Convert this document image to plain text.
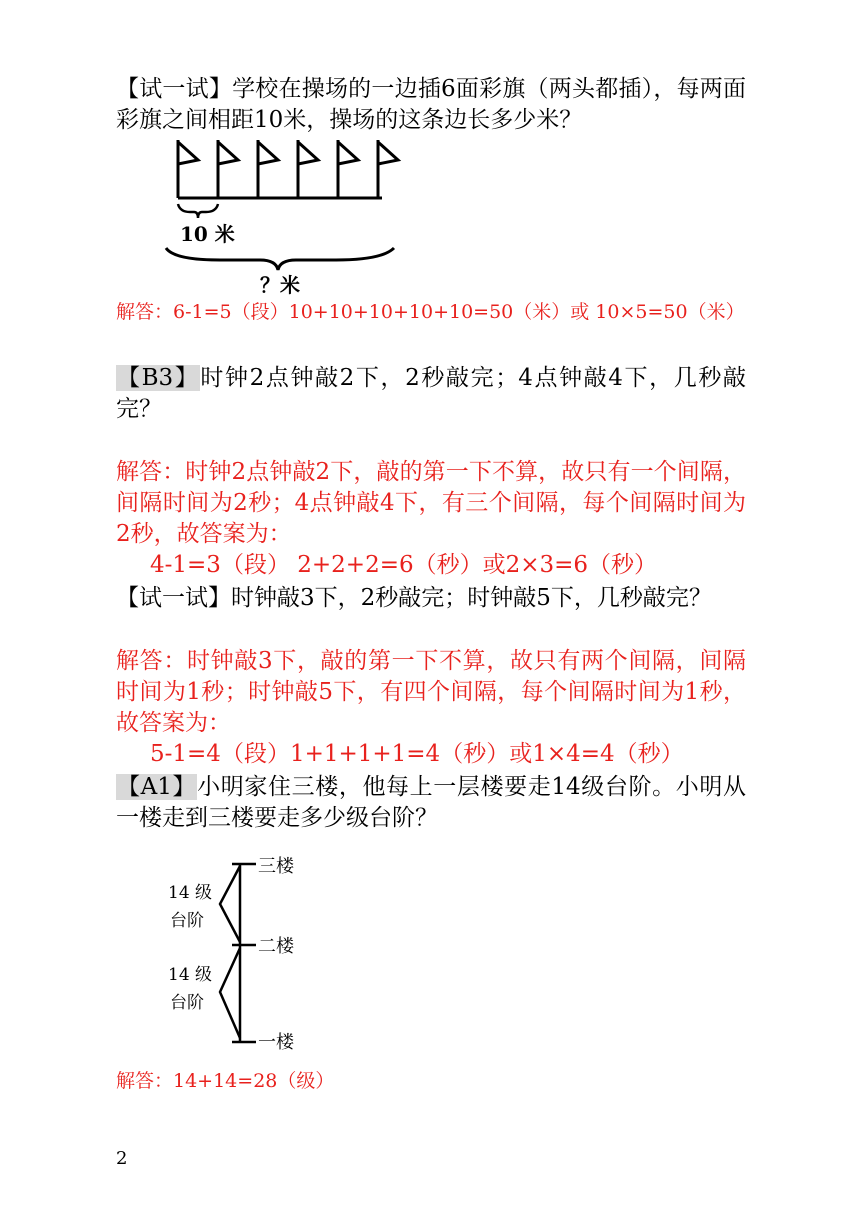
【试一试】学校在操场的一边插6面彩旗（两头都插），每两面彩旗之间相距10米，操场的这条边长多少米？

10 米
？米

解答：6-1=5（段）10+10+10+10+10=50（米）或 10×5=50（米）

【B3】时钟2点钟敲2下，2秒敲完；4点钟敲4下，几秒敲完？

解答：时钟2点钟敲2下，敲的第一下不算，故只有一个间隔，间隔时间为2秒；4点钟敲4下，有三个间隔，每个间隔时间为2秒，故答案为：

4-1=3（段） 2+2+2=6（秒）或2×3=6（秒）

【试一试】时钟敲3下，2秒敲完；时钟敲5下，几秒敲完？

解答：时钟敲3下，敲的第一下不算，故只有两个间隔，间隔时间为1秒；时钟敲5下，有四个间隔，每个间隔时间为1秒，故答案为：

5-1=4（段）1+1+1+1=4（秒）或1×4=4（秒）

【A1】小明家住三楼，他每上一层楼要走14级台阶。小明从一楼走到三楼要走多少级台阶？

三楼
二楼
一楼
14 级
台阶
14 级
台阶

解答：14+14=28（级）

2
